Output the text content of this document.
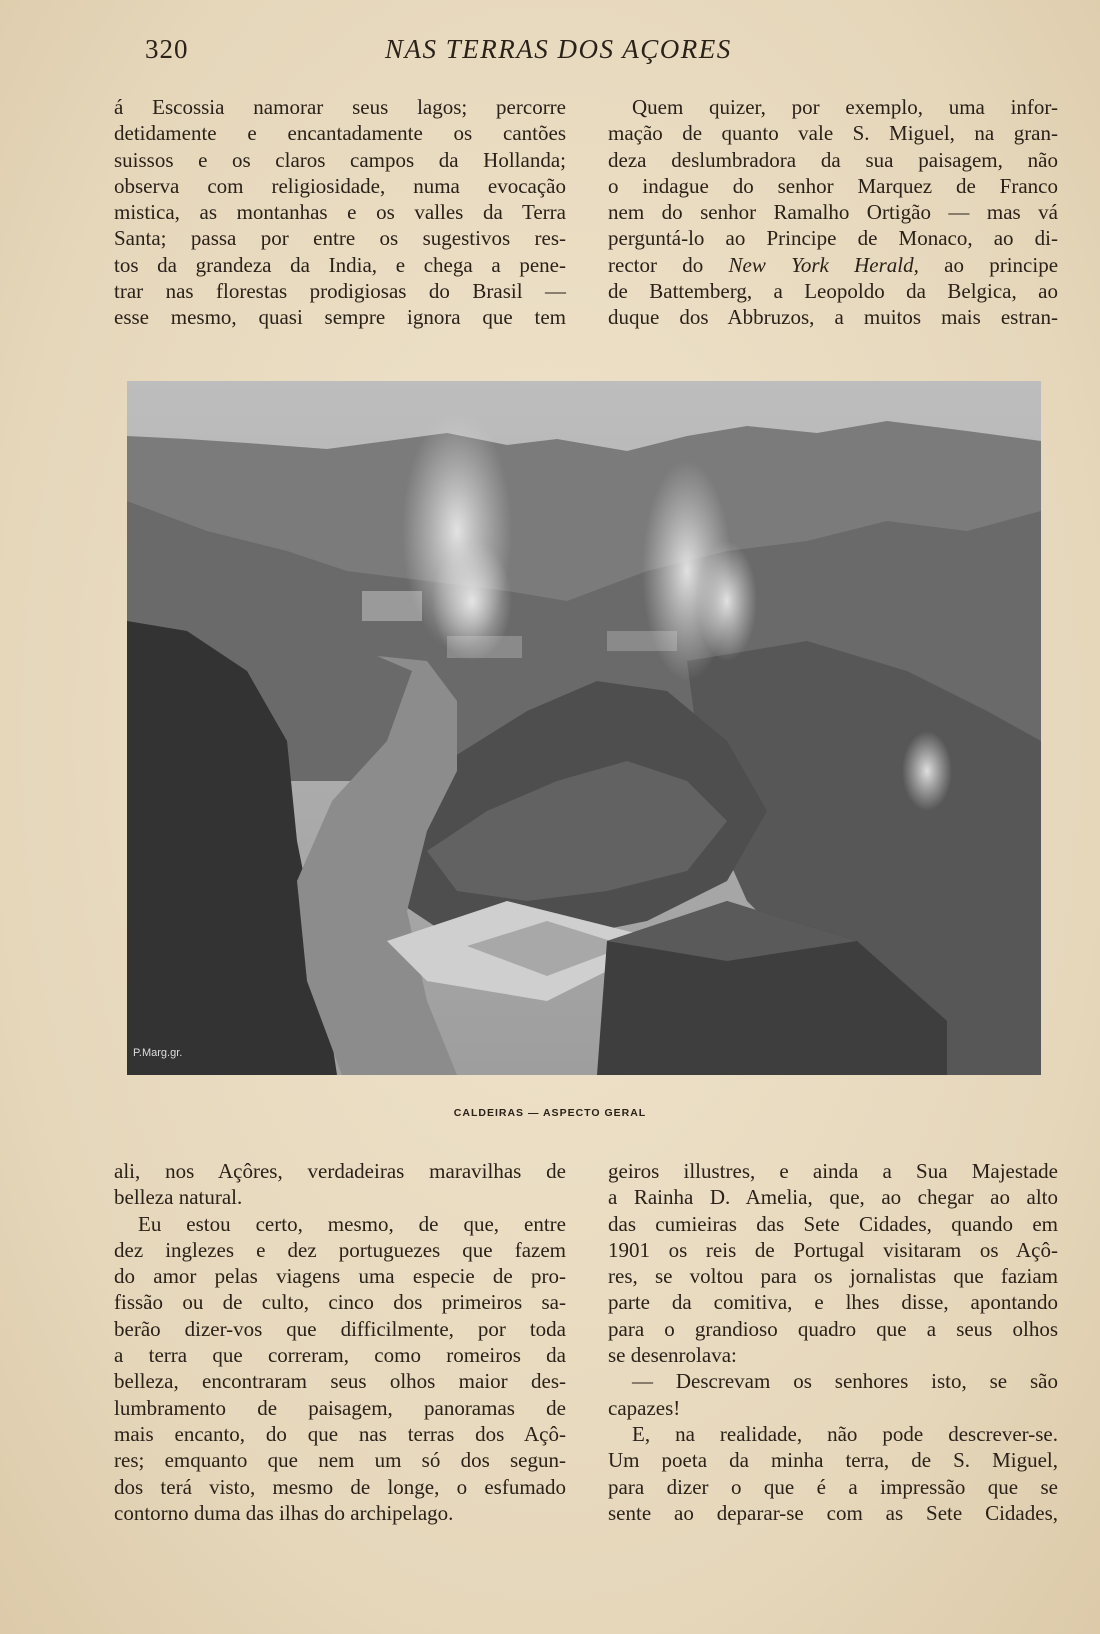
320	NAS TERRAS DOS AÇORES
á Escossia namorar seus lagos; percorre
detidamente e encantadamente os cantões
suissos e os claros campos da Hollanda;
observa com religiosidade, numa evocação
mistica, as montanhas e os valles da Terra
Santa; passa por entre os sugestivos res-
tos da grandeza da India, e chega a pene-
trar nas florestas prodigiosas do Brasil —
esse mesmo, quasi sempre ignora que tem
Quem quizer, por exemplo, uma infor-
mação de quanto vale S. Miguel, na gran-
deza deslumbradora da sua paisagem, não
o indague do senhor Marquez de Franco
nem do senhor Ramalho Ortigão — mas vá
perguntá-lo ao Principe de Monaco, ao di-
rector do New York Herald, ao principe
de Battemberg, a Leopoldo da Belgica, ao
duque dos Abbruzos, a muitos mais estran-
P.Marg.gr.
CALDEIRAS — ASPECTO GERAL
ali, nos Açôres, verdadeiras maravilhas de
belleza natural.
Eu estou certo, mesmo, de que, entre
dez inglezes e dez portuguezes que fazem
do amor pelas viagens uma especie de pro-
fissão ou de culto, cinco dos primeiros sa-
berão dizer-vos que difficilmente, por toda
a terra que correram, como romeiros da
belleza, encontraram seus olhos maior des-
lumbramento de paisagem, panoramas de
mais encanto, do que nas terras dos Açô-
res; emquanto que nem um só dos segun-
dos terá visto, mesmo de longe, o esfumado
contorno duma das ilhas do archipelago.
geiros illustres, e ainda a Sua Majestade
a Rainha D. Amelia, que, ao chegar ao alto
das cumieiras das Sete Cidades, quando em
1901 os reis de Portugal visitaram os Açô-
res, se voltou para os jornalistas que faziam
parte da comitiva, e lhes disse, apontando
para o grandioso quadro que a seus olhos
se desenrolava:
— Descrevam os senhores isto, se são
capazes!
E, na realidade, não pode descrever-se.
Um poeta da minha terra, de S. Miguel,
para dizer o que é a impressão que se
sente ao deparar-se com as Sete Cidades,
